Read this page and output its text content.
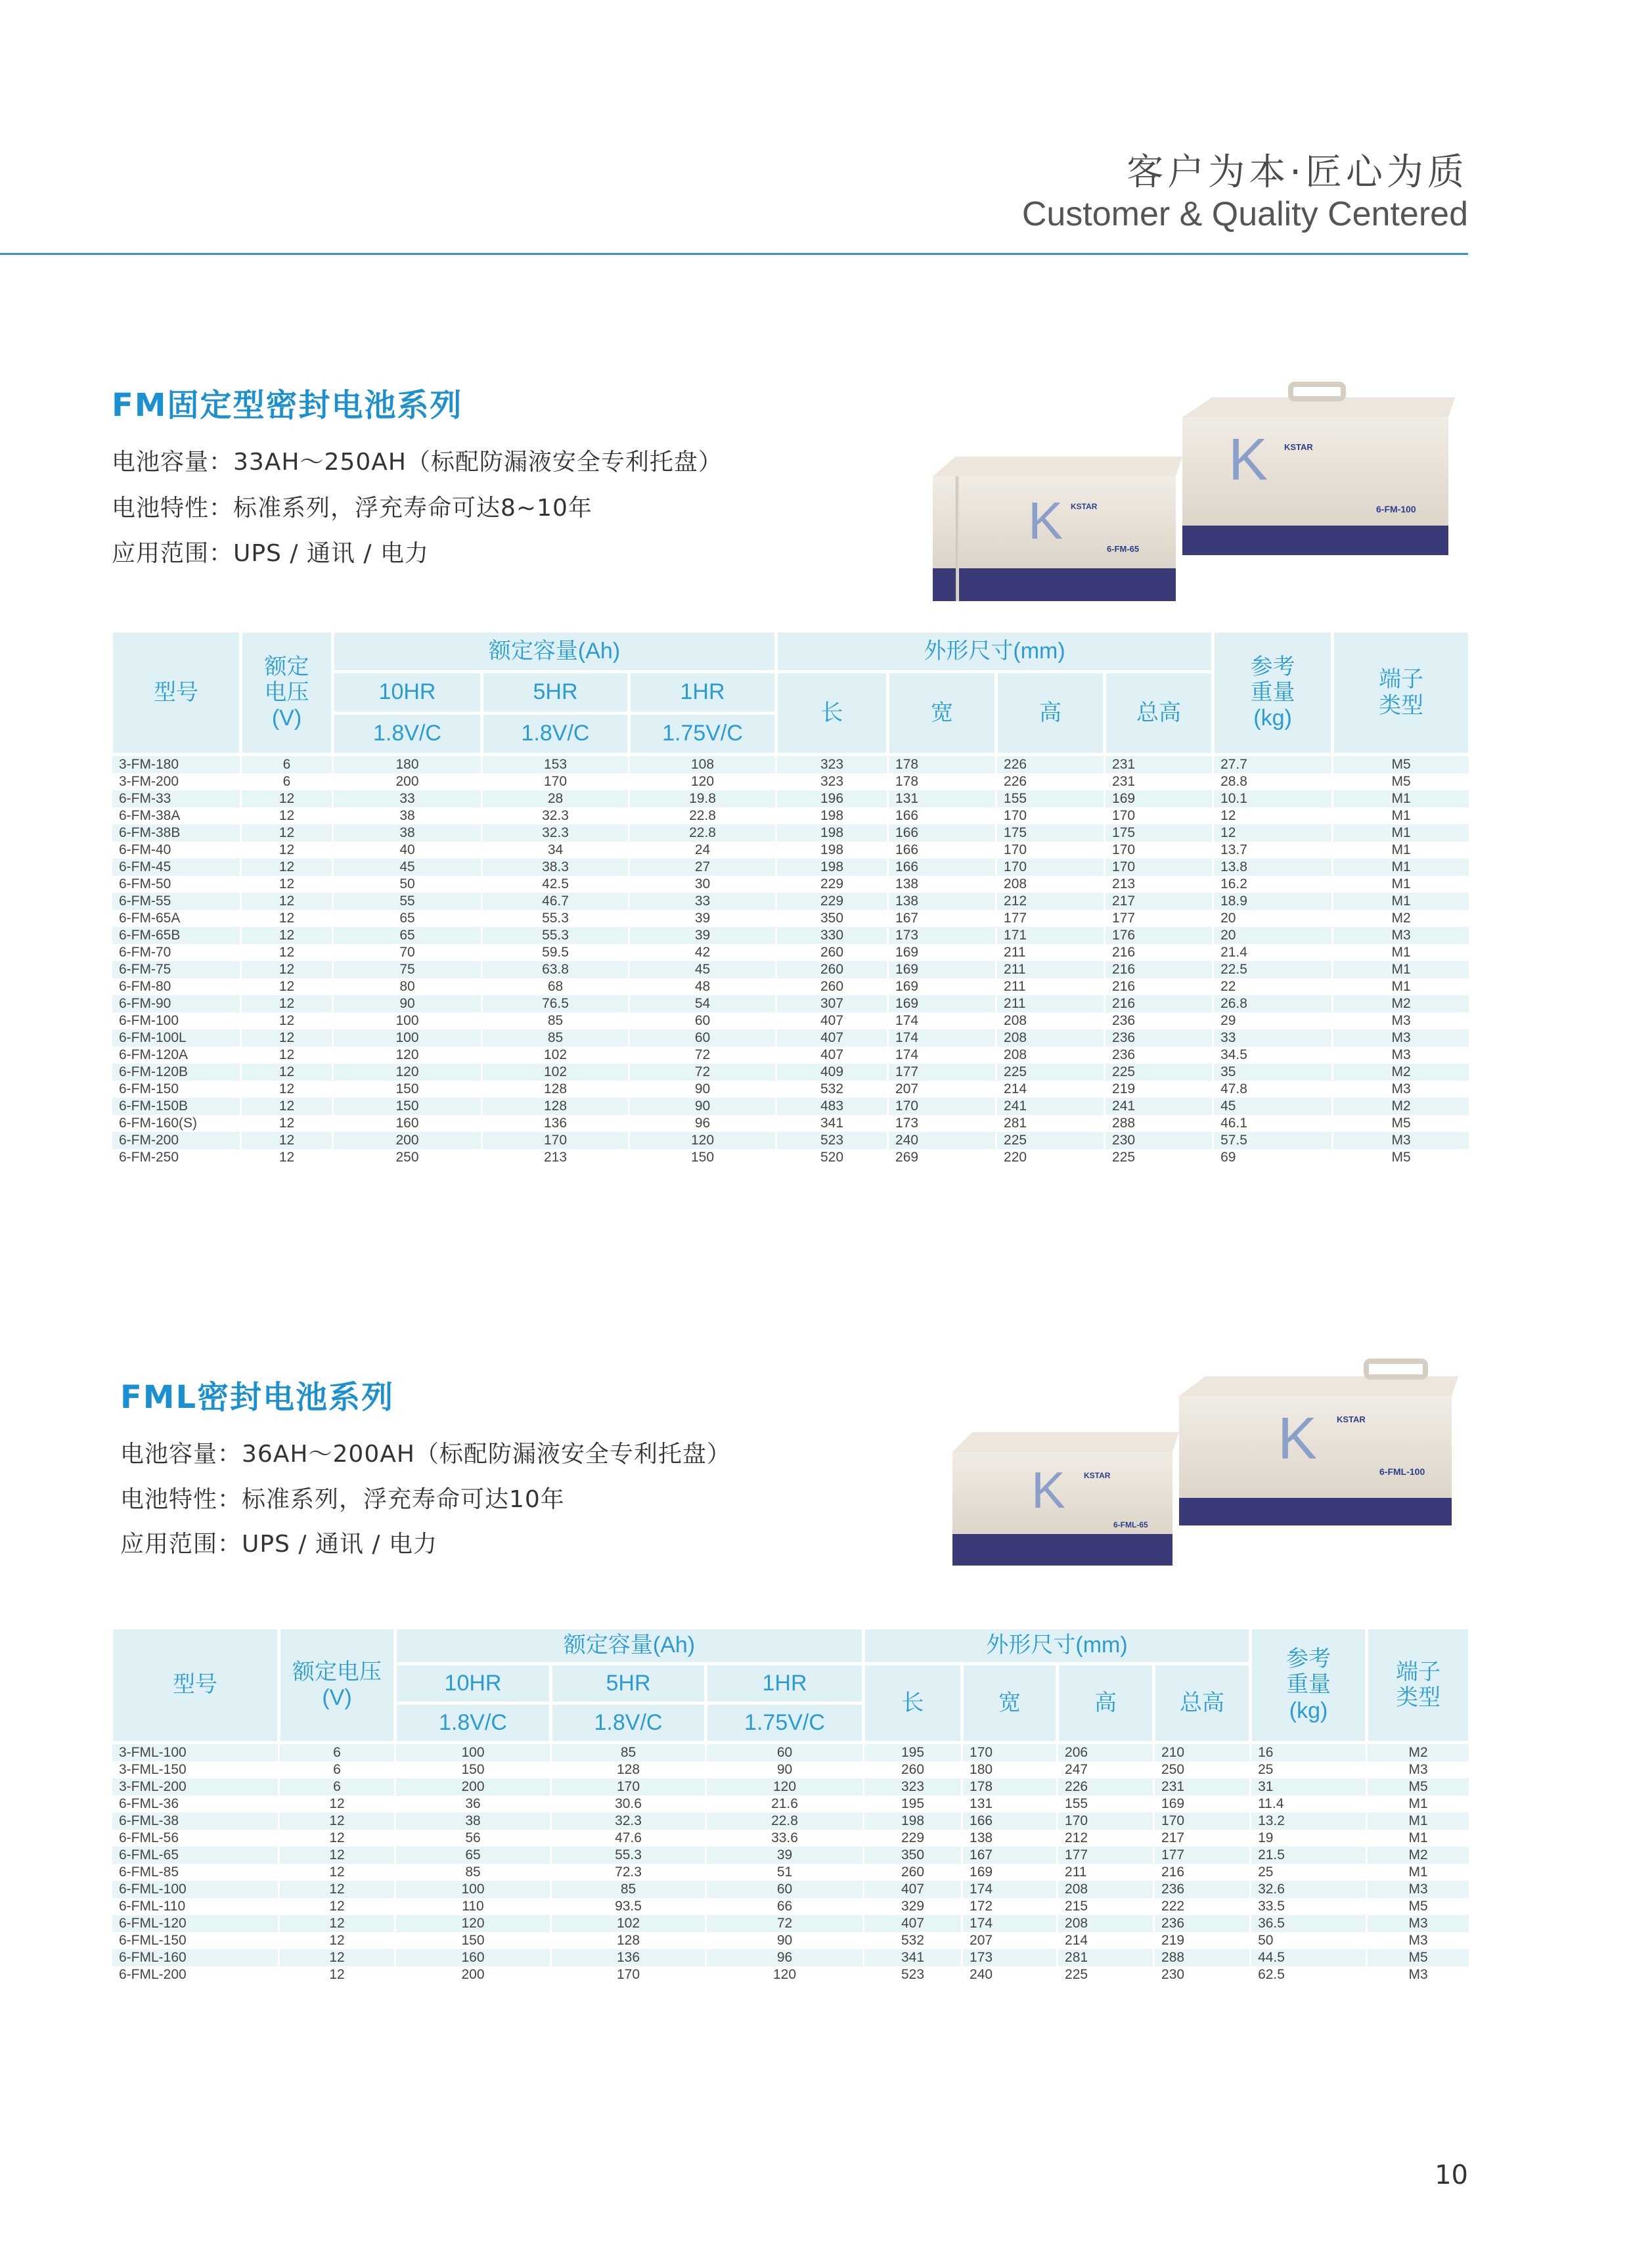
客户为本·匠心为质
Customer & Quality Centered
FM固定型密封电池系列
电池容量：33AH～250AH（标配防漏液安全专利托盘）
电池特性：标准系列，浮充寿命可达8~10年
应用范围：UPS / 通讯 / 电力
K KSTAR
6-FM-100
K KSTAR
6-FM-65
型号	额定
电压
(V)	额定容量(Ah)			外形尺寸(mm)				参考
重量
(kg)	端子
类型
		10HR	5HR	1HR	长	宽	高	总高		
		1.8V/C	1.8V/C	1.75V/C						
3-FM-180	6	180	153	108	323	178	226	231	27.7	M5
3-FM-200	6	200	170	120	323	178	226	231	28.8	M5
6-FM-33	12	33	28	19.8	196	131	155	169	10.1	M1
6-FM-38A	12	38	32.3	22.8	198	166	170	170	12	M1
6-FM-38B	12	38	32.3	22.8	198	166	175	175	12	M1
6-FM-40	12	40	34	24	198	166	170	170	13.7	M1
6-FM-45	12	45	38.3	27	198	166	170	170	13.8	M1
6-FM-50	12	50	42.5	30	229	138	208	213	16.2	M1
6-FM-55	12	55	46.7	33	229	138	212	217	18.9	M1
6-FM-65A	12	65	55.3	39	350	167	177	177	20	M2
6-FM-65B	12	65	55.3	39	330	173	171	176	20	M3
6-FM-70	12	70	59.5	42	260	169	211	216	21.4	M1
6-FM-75	12	75	63.8	45	260	169	211	216	22.5	M1
6-FM-80	12	80	68	48	260	169	211	216	22	M1
6-FM-90	12	90	76.5	54	307	169	211	216	26.8	M2
6-FM-100	12	100	85	60	407	174	208	236	29	M3
6-FM-100L	12	100	85	60	407	174	208	236	33	M3
6-FM-120A	12	120	102	72	407	174	208	236	34.5	M3
6-FM-120B	12	120	102	72	409	177	225	225	35	M2
6-FM-150	12	150	128	90	532	207	214	219	47.8	M3
6-FM-150B	12	150	128	90	483	170	241	241	45	M2
6-FM-160(S)	12	160	136	96	341	173	281	288	46.1	M5
6-FM-200	12	200	170	120	523	240	225	230	57.5	M3
6-FM-250	12	250	213	150	520	269	220	225	69	M5
FML密封电池系列
电池容量：36AH～200AH（标配防漏液安全专利托盘）
电池特性：标准系列，浮充寿命可达10年
应用范围：UPS / 通讯 / 电力
K KSTAR
6-FML-100
K KSTAR
6-FML-65
型号	额定电压
(V)	额定容量(Ah)			外形尺寸(mm)				参考
重量
(kg)	端子
类型
		10HR	5HR	1HR	长	宽	高	总高		
		1.8V/C	1.8V/C	1.75V/C						
3-FML-100	6	100	85	60	195	170	206	210	16	M2
3-FML-150	6	150	128	90	260	180	247	250	25	M3
3-FML-200	6	200	170	120	323	178	226	231	31	M5
6-FML-36	12	36	30.6	21.6	195	131	155	169	11.4	M1
6-FML-38	12	38	32.3	22.8	198	166	170	170	13.2	M1
6-FML-56	12	56	47.6	33.6	229	138	212	217	19	M1
6-FML-65	12	65	55.3	39	350	167	177	177	21.5	M2
6-FML-85	12	85	72.3	51	260	169	211	216	25	M1
6-FML-100	12	100	85	60	407	174	208	236	32.6	M3
6-FML-110	12	110	93.5	66	329	172	215	222	33.5	M5
6-FML-120	12	120	102	72	407	174	208	236	36.5	M3
6-FML-150	12	150	128	90	532	207	214	219	50	M3
6-FML-160	12	160	136	96	341	173	281	288	44.5	M5
6-FML-200	12	200	170	120	523	240	225	230	62.5	M3
10
